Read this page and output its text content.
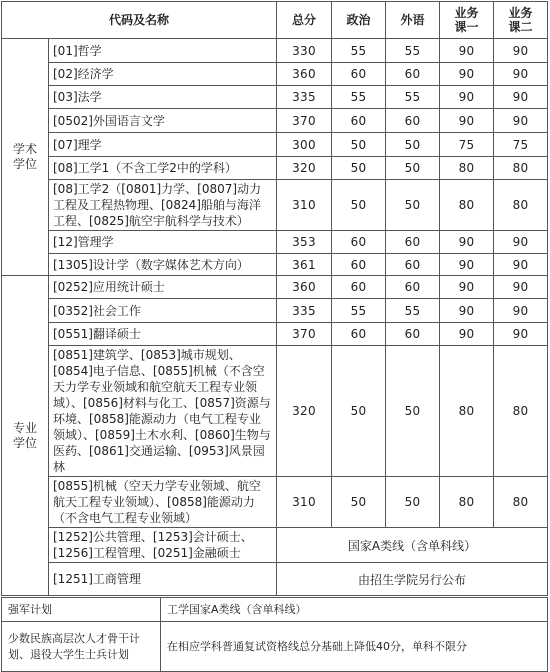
代码及名称		总分	政治	外语	业务课一	业务课二
学术学位	[01]哲学	330	55	55	90	90
	[02]经济学	360	60	60	90	90
	[03]法学	335	55	55	90	90
	[0502]外国语言文学	370	60	60	90	90
	[07]理学	300	50	50	75	75
	[08]工学1（不含工学2中的学科）	320	50	50	80	80
	[08]工学2（[0801]力学、[0807]动力工程及工程热物理、[0824]船舶与海洋工程、[0825]航空宇航科学与技术）	310	50	50	80	80
	[12]管理学	353	60	60	90	90
	[1305]设计学（数字媒体艺术方向）	361	60	60	90	90
专业学位	[0252]应用统计硕士	360	60	60	90	90
	[0352]社会工作	335	55	55	90	90
	[0551]翻译硕士	370	60	60	90	90
	[0851]建筑学、[0853]城市规划、[0854]电子信息、[0855]机械（不含空天力学专业领域和航空航天工程专业领域）、[0856]材料与化工、[0857]资源与环境、[0858]能源动力（电气工程专业领域）、[0859]土木水利、[0860]生物与医药、[0861]交通运输、[0953]风景园林	320	50	50	80	80
	[0855]机械（空天力学专业领域、航空航天工程专业领域）、[0858]能源动力（不含电气工程专业领域）	310	50	50	80	80
	[1252]公共管理、[1253]会计硕士、[1256]工程管理、[0251]金融硕士	国家A类线（含单科线）				
	[1251]工商管理	由招生学院另行公布				
强军计划	工学国家A类线（含单科线）
少数民族高层次人才骨干计划、退役大学生士兵计划	在相应学科普通复试资格线总分基础上降低40分，单科不限分
